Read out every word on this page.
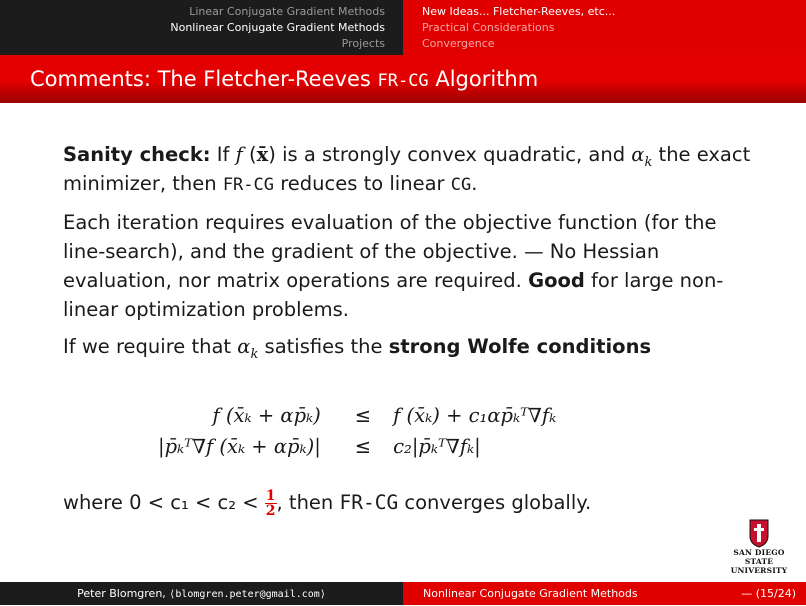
Linear Conjugate Gradient Methods
Nonlinear Conjugate Gradient Methods
Projects
New Ideas... Fletcher-Reeves, etc...
Practical Considerations
Convergence
Comments: The Fletcher-Reeves FR-CG Algorithm

Sanity check: If f (x̄) is a strongly convex quadratic, and $\alpha_k$ the exact minimizer, then FR-CG reduces to linear CG.

Each iteration requires evaluation of the objective function (for the line-search), and the gradient of the objective. — No Hessian evaluation, nor matrix operations are required. Good for large non-linear optimization problems.

If we require that $\alpha_k$ satisfies the strong Wolfe conditions

f (x̄ₖ + αp̄ₖ)	≤	f (x̄ₖ) + c₁αp̄ₖᵀ∇fₖ
|p̄ₖᵀ∇f (x̄ₖ + αp̄ₖ)|	≤	c₂|p̄ₖᵀ∇fₖ|
where $0 < c_1 < c_2 < \frac{1}{2}$ , then FR-CG converges globally.
SAN DIEGO STATE
UNIVERSITY
Peter Blomgren, ⟨blomgren.peter@gmail.com⟩	Nonlinear Conjugate Gradient Methods	— (15/24)
